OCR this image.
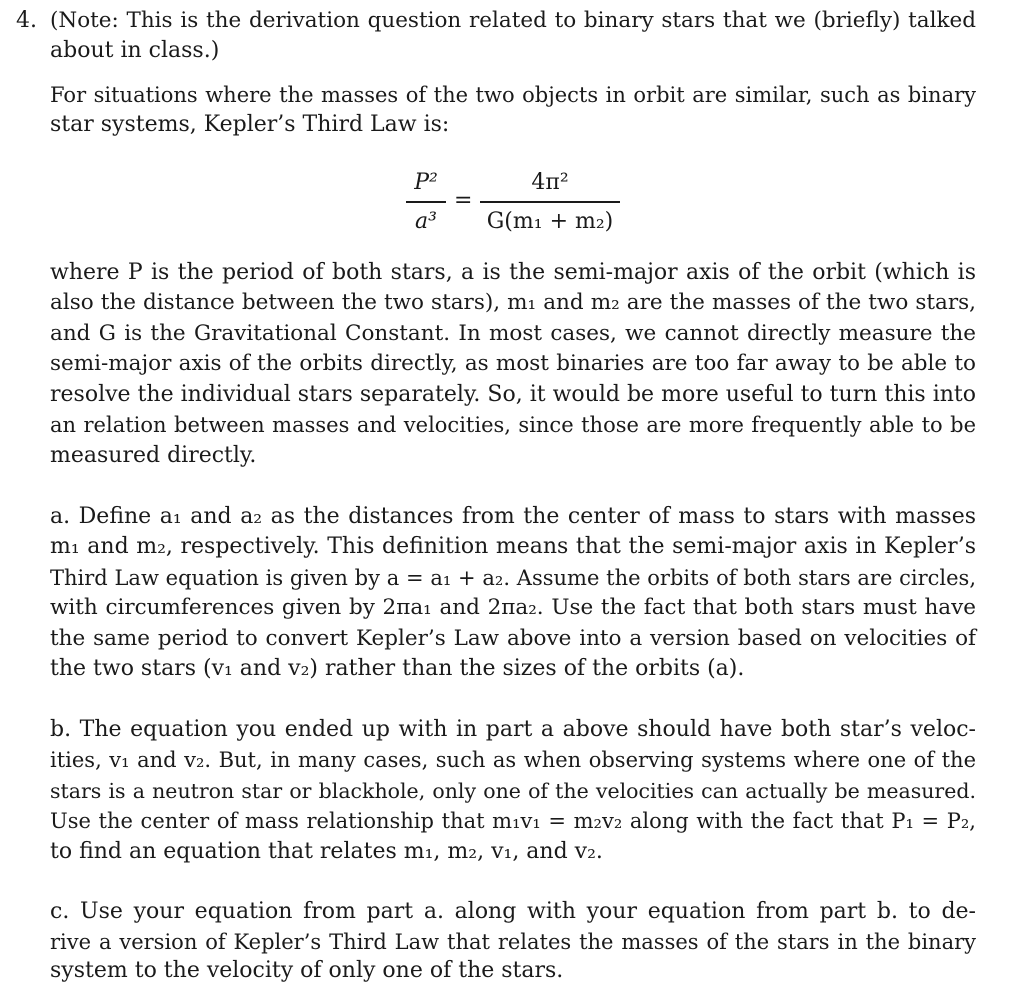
4. (Note: This is the derivation question related to binary stars that we (briefly) talked
about in class.)
For situations where the masses of the two objects in orbit are similar, such as binary
star systems, Kepler’s Third Law is:
P²
a³
=
4π²
G(m₁ + m₂)
where P is the period of both stars, a is the semi-major axis of the orbit (which is
also the distance between the two stars), m₁ and m₂ are the masses of the two stars,
and G is the Gravitational Constant. In most cases, we cannot directly measure the
semi-major axis of the orbits directly, as most binaries are too far away to be able to
resolve the individual stars separately. So, it would be more useful to turn this into
an relation between masses and velocities, since those are more frequently able to be
measured directly.
a. Define a₁ and a₂ as the distances from the center of mass to stars with masses
m₁ and m₂, respectively. This definition means that the semi-major axis in Kepler’s
Third Law equation is given by a = a₁ + a₂. Assume the orbits of both stars are circles,
with circumferences given by 2πa₁ and 2πa₂. Use the fact that both stars must have
the same period to convert Kepler’s Law above into a version based on velocities of
the two stars (v₁ and v₂) rather than the sizes of the orbits (a).
b. The equation you ended up with in part a above should have both star’s veloc-
ities, v₁ and v₂. But, in many cases, such as when observing systems where one of the
stars is a neutron star or blackhole, only one of the velocities can actually be measured.
Use the center of mass relationship that m₁v₁ = m₂v₂ along with the fact that P₁ = P₂,
to find an equation that relates m₁, m₂, v₁, and v₂.
c. Use your equation from part a. along with your equation from part b. to de-
rive a version of Kepler’s Third Law that relates the masses of the stars in the binary
system to the velocity of only one of the stars.
